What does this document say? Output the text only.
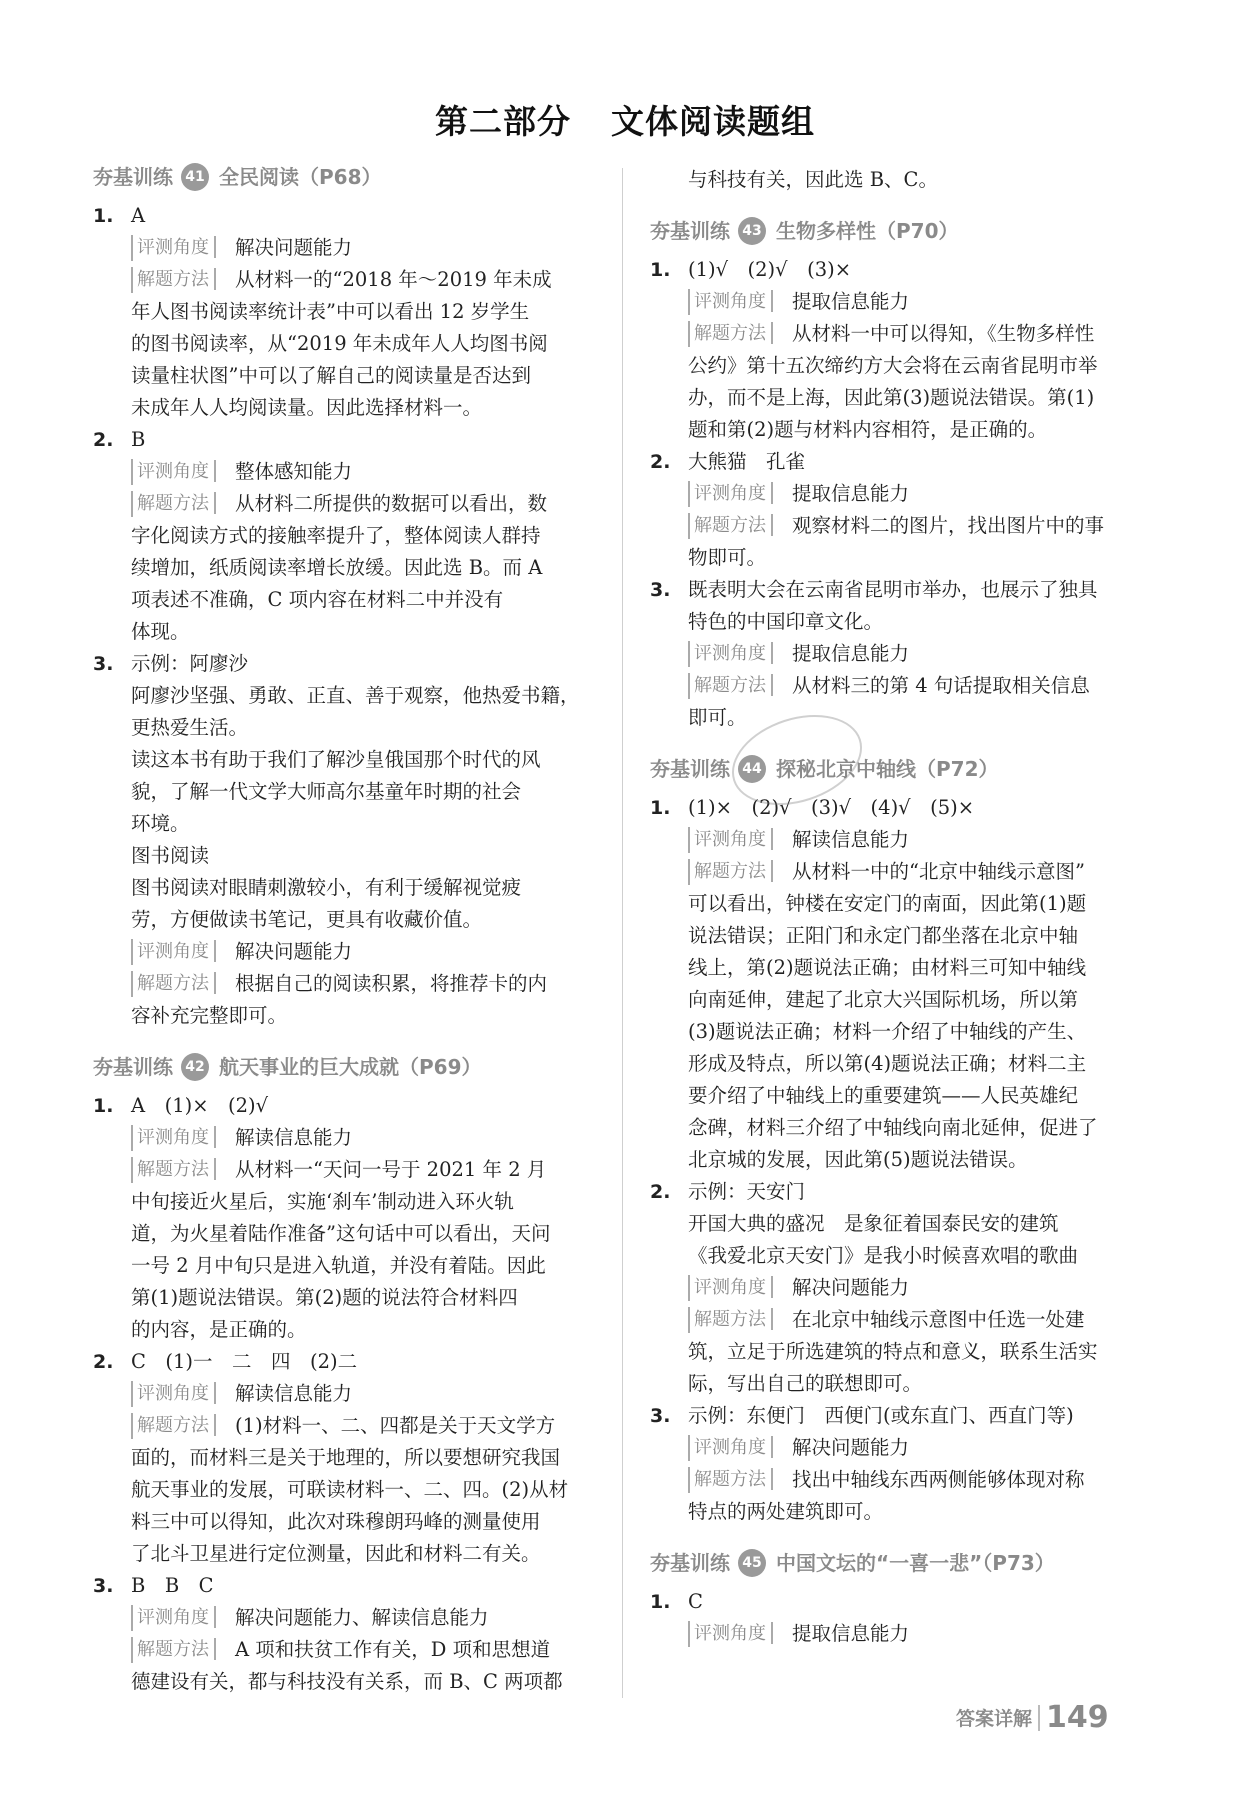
第二部分 文体阅读题组
夯基训练 41 全民阅读（P68）
1. A
评测角度	解决问题能力
解题方法	从材料一的“2018 年～2019 年未成
年人图书阅读率统计表”中可以看出 12 岁学生
的图书阅读率，从“2019 年未成年人人均图书阅
读量柱状图”中可以了解自己的阅读量是否达到
未成年人人均阅读量。因此选择材料一。
2. B
评测角度	整体感知能力
解题方法	从材料二所提供的数据可以看出，数
字化阅读方式的接触率提升了，整体阅读人群持
续增加，纸质阅读率增长放缓。因此选 B。而 A
项表述不准确，C 项内容在材料二中并没有
体现。
3. 示例：阿廖沙
阿廖沙坚强、勇敢、正直、善于观察，他热爱书籍，
更热爱生活。
读这本书有助于我们了解沙皇俄国那个时代的风
貌，了解一代文学大师高尔基童年时期的社会
环境。
图书阅读
图书阅读对眼睛刺激较小，有利于缓解视觉疲
劳，方便做读书笔记，更具有收藏价值。
评测角度	解决问题能力
解题方法	根据自己的阅读积累，将推荐卡的内
容补充完整即可。
夯基训练 42 航天事业的巨大成就（P69）
1. A　(1)×　(2)√
评测角度	解读信息能力
解题方法	从材料一“天问一号于 2021 年 2 月
中旬接近火星后，实施‘刹车’制动进入环火轨
道，为火星着陆作准备”这句话中可以看出，天问
一号 2 月中旬只是进入轨道，并没有着陆。因此
第(1)题说法错误。第(2)题的说法符合材料四
的内容，是正确的。
2. C　(1)一　二　四　(2)二
评测角度	解读信息能力
解题方法	(1)材料一、二、四都是关于天文学方
面的，而材料三是关于地理的，所以要想研究我国
航天事业的发展，可联读材料一、二、四。(2)从材
料三中可以得知，此次对珠穆朗玛峰的测量使用
了北斗卫星进行定位测量，因此和材料二有关。
3. B　B　C
评测角度	解决问题能力、解读信息能力
解题方法	A 项和扶贫工作有关，D 项和思想道
德建设有关，都与科技没有关系，而 B、C 两项都
与科技有关，因此选 B、C。
夯基训练 43 生物多样性（P70）
1. (1)√　(2)√　(3)×
评测角度	提取信息能力
解题方法	从材料一中可以得知，《生物多样性
公约》第十五次缔约方大会将在云南省昆明市举
办，而不是上海，因此第(3)题说法错误。第(1)
题和第(2)题与材料内容相符，是正确的。
2. 大熊猫　孔雀
评测角度	提取信息能力
解题方法	观察材料二的图片，找出图片中的事
物即可。
3. 既表明大会在云南省昆明市举办，也展示了独具
特色的中国印章文化。
评测角度	提取信息能力
解题方法	从材料三的第 4 句话提取相关信息
即可。
夯基训练 44 探秘北京中轴线（P72）
1. (1)×　(2)√　(3)√　(4)√　(5)×
评测角度	解读信息能力
解题方法	从材料一中的“北京中轴线示意图”
可以看出，钟楼在安定门的南面，因此第(1)题
说法错误；正阳门和永定门都坐落在北京中轴
线上，第(2)题说法正确；由材料三可知中轴线
向南延伸，建起了北京大兴国际机场，所以第
(3)题说法正确；材料一介绍了中轴线的产生、
形成及特点，所以第(4)题说法正确；材料二主
要介绍了中轴线上的重要建筑——人民英雄纪
念碑，材料三介绍了中轴线向南北延伸，促进了
北京城的发展，因此第(5)题说法错误。
2. 示例：天安门
开国大典的盛况　是象征着国泰民安的建筑
《我爱北京天安门》是我小时候喜欢唱的歌曲
评测角度	解决问题能力
解题方法	在北京中轴线示意图中任选一处建
筑，立足于所选建筑的特点和意义，联系生活实
际，写出自己的联想即可。
3. 示例：东便门　西便门(或东直门、西直门等)
评测角度	解决问题能力
解题方法	找出中轴线东西两侧能够体现对称
特点的两处建筑即可。
夯基训练 45 中国文坛的“一喜一悲”（P73）
1. C
评测角度	提取信息能力
答案详解 149
